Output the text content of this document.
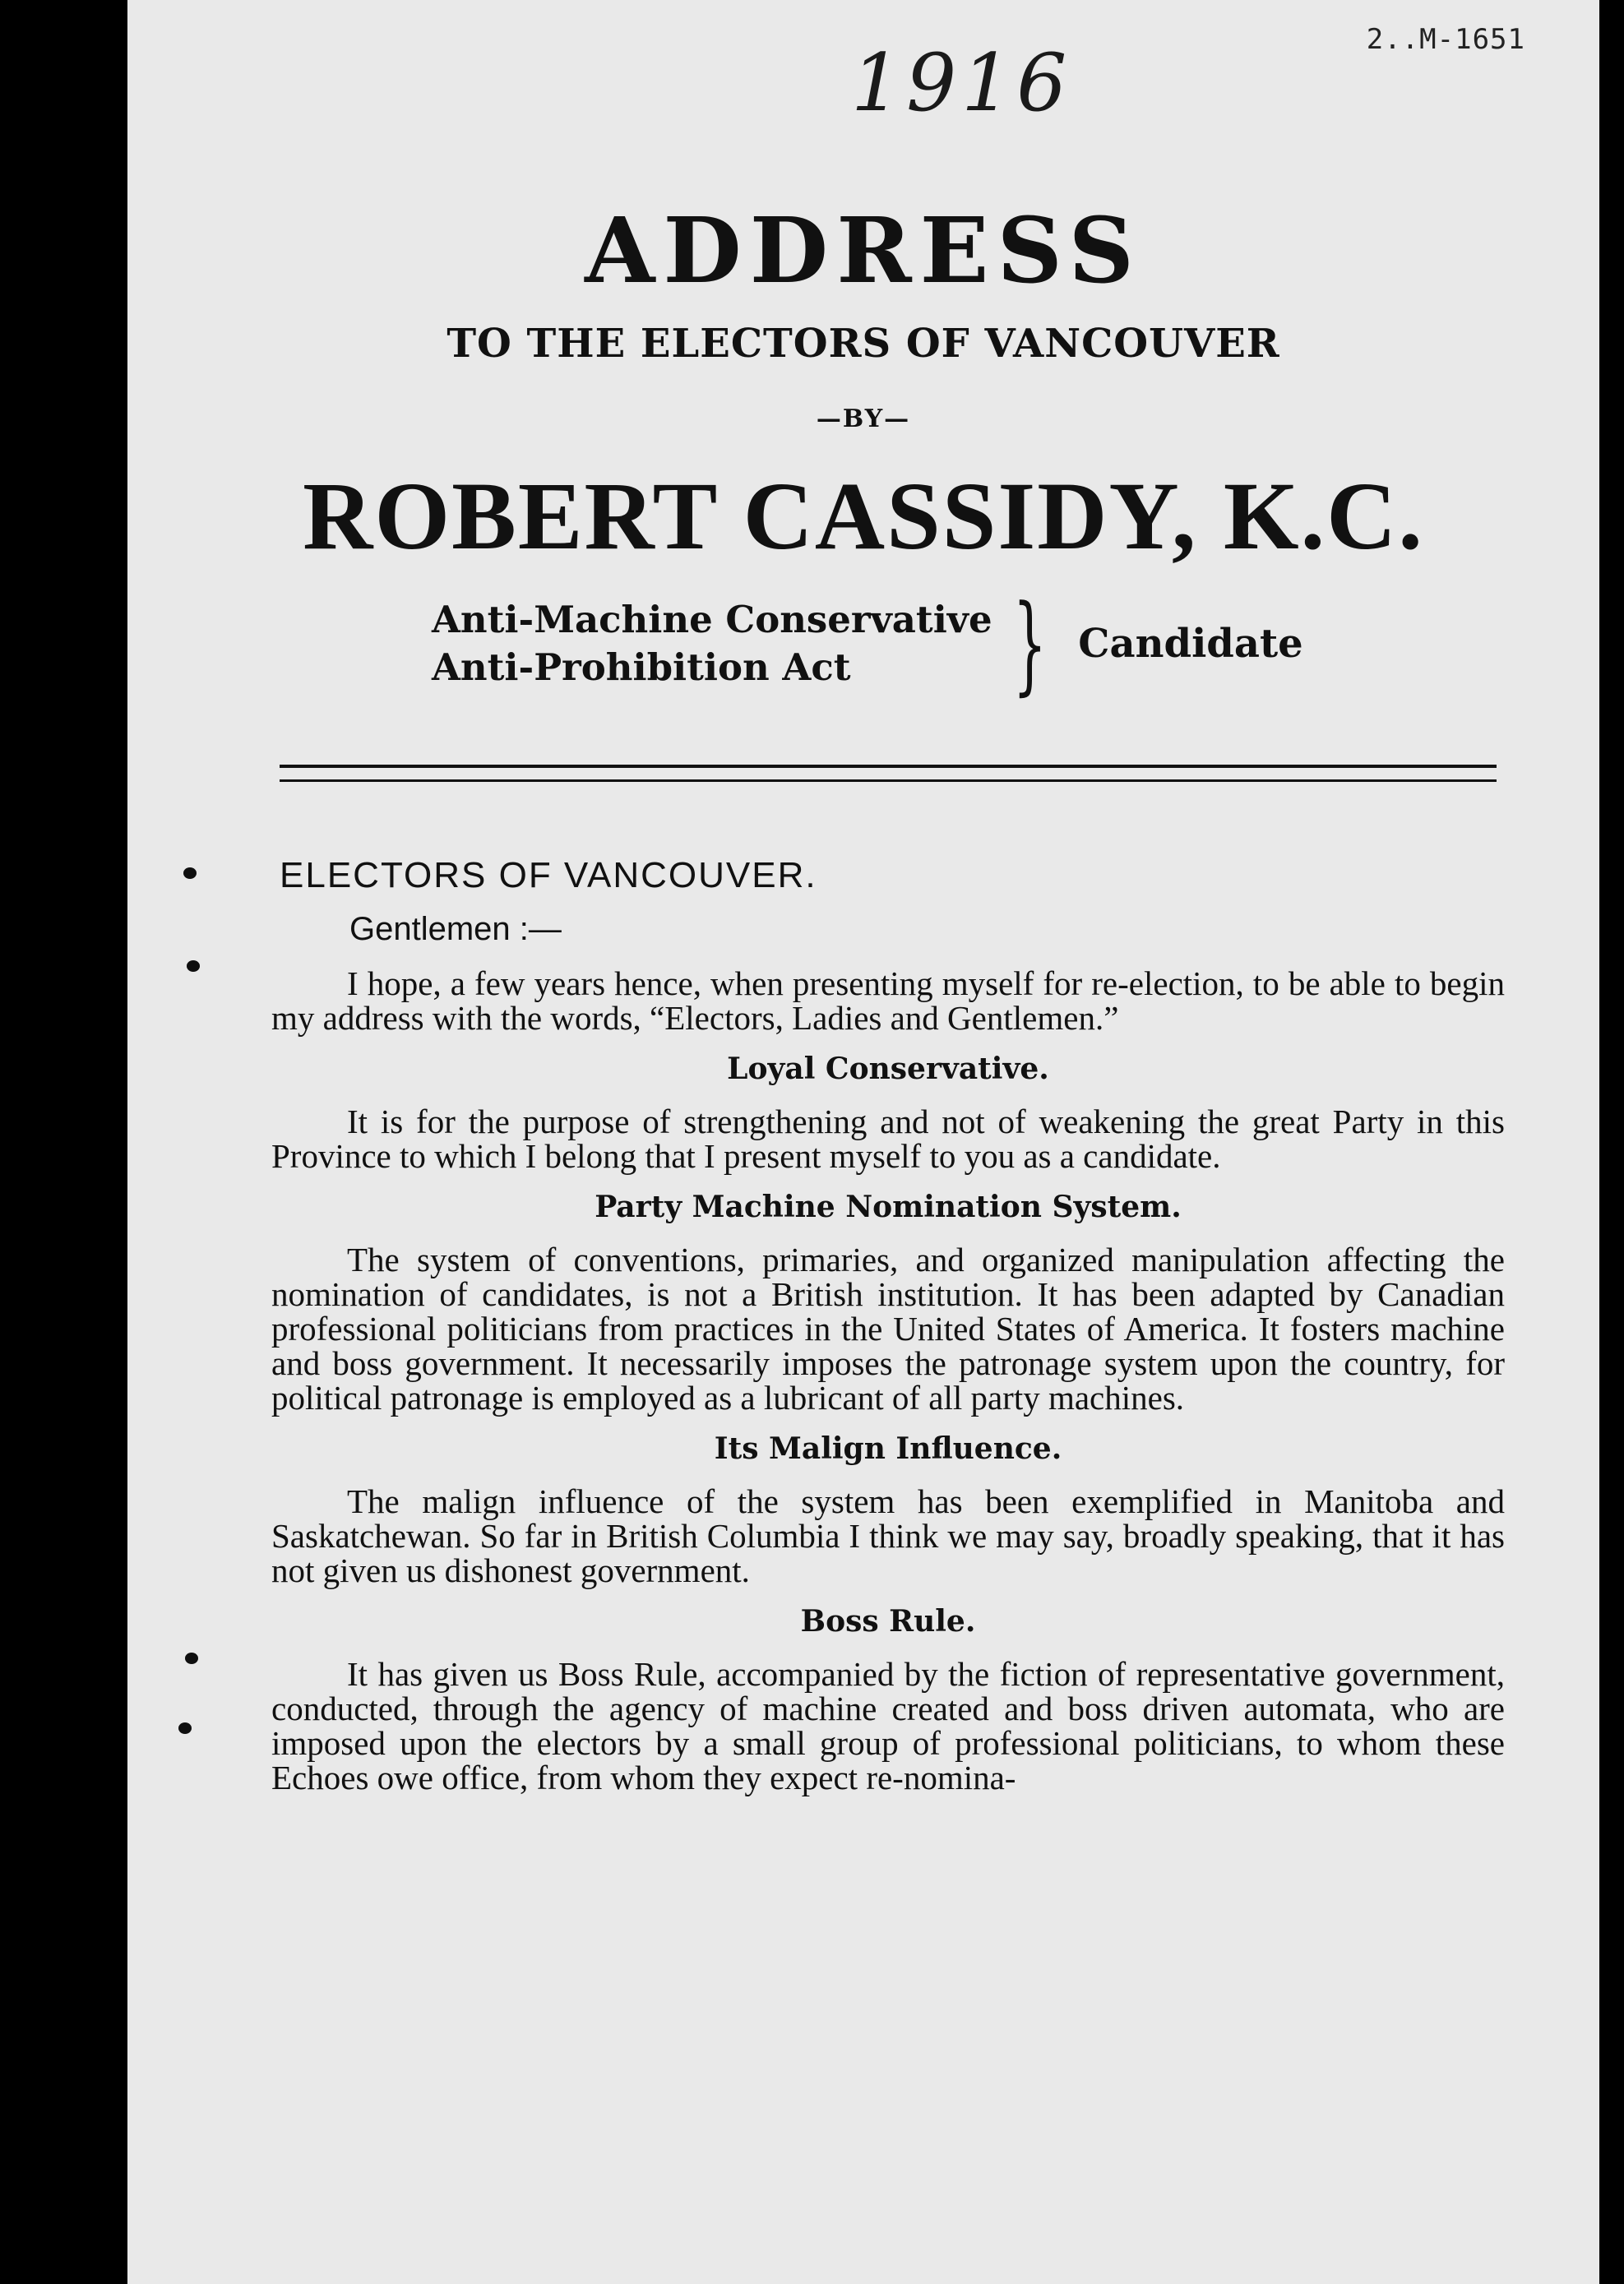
1916	2..M-1651
ADDRESS
TO THE ELECTORS OF VANCOUVER
—BY—
ROBERT CASSIDY, K.C.
Anti-Machine Conservative
Anti-Prohibition Act	} Candidate
ELECTORS OF VANCOUVER.
Gentlemen :—

I hope, a few years hence, when presenting myself for re-election, to be able to begin my address with the words, “Electors, Ladies and Gentlemen.”

Loyal Conservative.

It is for the purpose of strengthening and not of weakening the great Party in this Province to which I belong that I present myself to you as a candidate.

Party Machine Nomination System.

The system of conventions, primaries, and organized manipulation affecting the nomination of candidates, is not a British institution. It has been adapted by Canadian professional politicians from practices in the United States of America. It fosters machine and boss government. It necessarily imposes the patronage system upon the country, for political patronage is employed as a lubricant of all party machines.

Its Malign Influence.

The malign influence of the system has been exemplified in Manitoba and Saskatchewan. So far in British Columbia I think we may say, broadly speaking, that it has not given us dishonest government.

Boss Rule.

It has given us Boss Rule, accompanied by the fiction of representative government, conducted, through the agency of machine created and boss driven automata, who are imposed upon the electors by a small group of professional politicians, to whom these Echoes owe office, from whom they expect re-nomina-
